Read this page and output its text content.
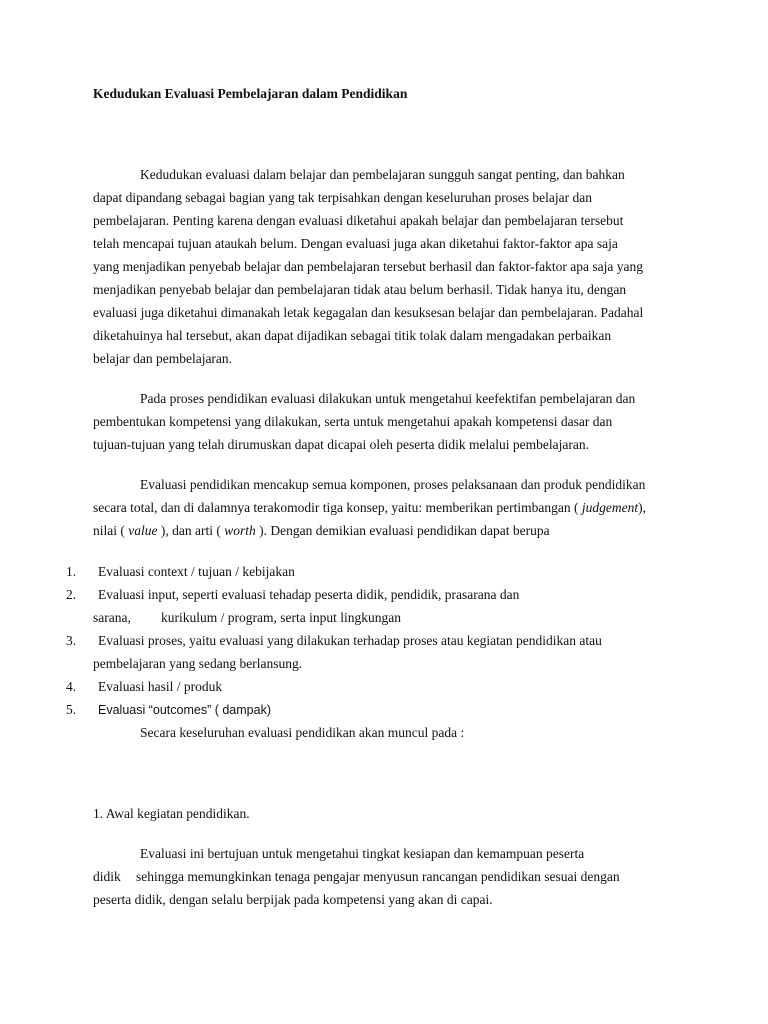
Kedudukan Evaluasi Pembelajaran dalam Pendidikan
Kedudukan evaluasi dalam belajar dan pembelajaran sungguh sangat penting, dan bahkan
dapat dipandang sebagai bagian yang tak terpisahkan dengan keseluruhan proses belajar dan
pembelajaran. Penting karena dengan evaluasi diketahui apakah belajar dan pembelajaran tersebut
telah mencapai tujuan ataukah belum. Dengan evaluasi juga akan diketahui faktor-faktor apa saja
yang menjadikan penyebab belajar dan pembelajaran tersebut berhasil dan faktor-faktor apa saja yang
menjadikan penyebab belajar dan pembelajaran tidak atau belum berhasil. Tidak hanya itu, dengan
evaluasi juga diketahui dimanakah letak kegagalan dan kesuksesan belajar dan pembelajaran. Padahal
diketahuinya hal tersebut, akan dapat dijadikan sebagai titik tolak dalam mengadakan perbaikan
belajar dan pembelajaran.
Pada proses pendidikan evaluasi dilakukan untuk mengetahui keefektifan pembelajaran dan
pembentukan kompetensi yang dilakukan, serta untuk mengetahui apakah kompetensi dasar dan
tujuan-tujuan yang telah dirumuskan dapat dicapai oleh peserta didik melalui pembelajaran.
Evaluasi pendidikan mencakup semua komponen, proses pelaksanaan dan produk pendidikan
secara total, dan di dalamnya terakomodir tiga konsep, yaitu: memberikan pertimbangan ( judgement),
nilai ( value ), dan arti ( worth ). Dengan demikian evaluasi pendidikan dapat berupa
1. Evaluasi context / tujuan / kebijakan
2. Evaluasi input, seperti evaluasi tehadap peserta didik, pendidik, prasarana dan
sarana, kurikulum / program, serta input lingkungan
3. Evaluasi proses, yaitu evaluasi yang dilakukan terhadap proses atau kegiatan pendidikan atau
pembelajaran yang sedang berlansung.
4. Evaluasi hasil / produk
5. Evaluasi “outcomes” ( dampak)
Secara keseluruhan evaluasi pendidikan akan muncul pada :
1. Awal kegiatan pendidikan.
Evaluasi ini bertujuan untuk mengetahui tingkat kesiapan dan kemampuan peserta
didik sehingga memungkinkan tenaga pengajar menyusun rancangan pendidikan sesuai dengan
peserta didik, dengan selalu berpijak pada kompetensi yang akan di capai.
